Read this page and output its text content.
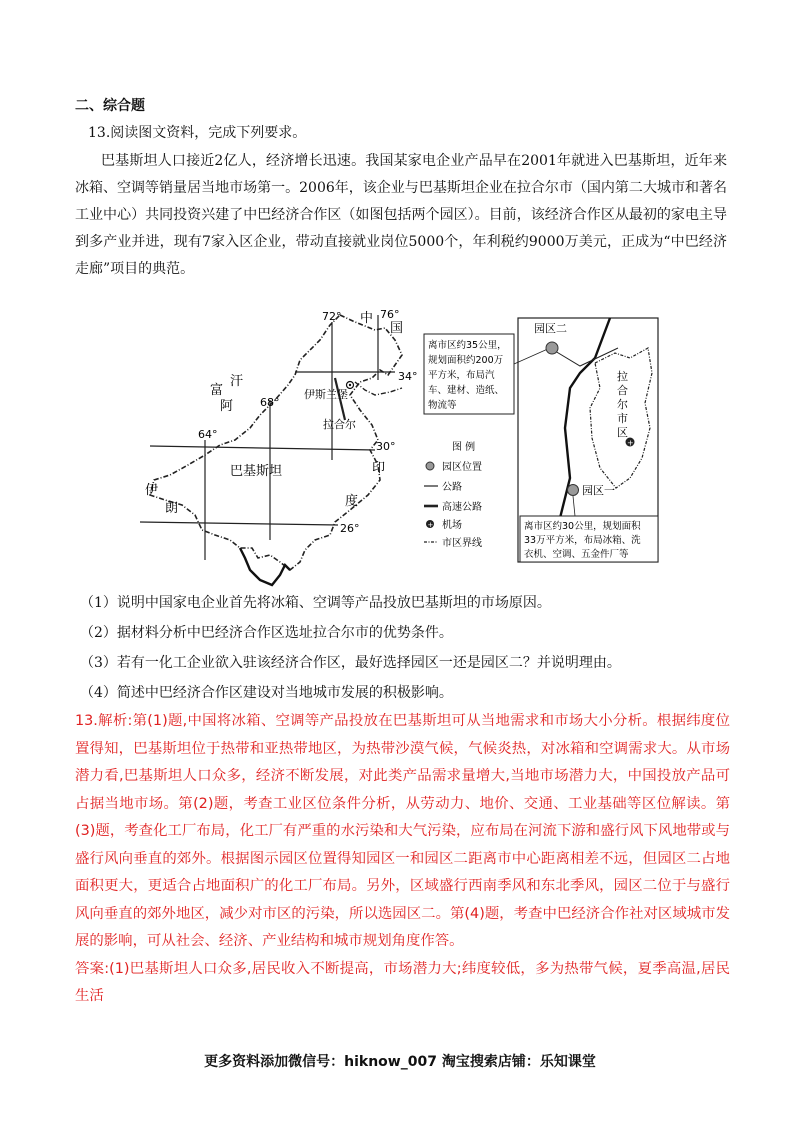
二、综合题
13.阅读图文资料，完成下列要求。

巴基斯坦人口接近2亿人，经济增长迅速。我国某家电企业产品早在2001年就进入巴基斯坦，近年来冰箱、空调等销量居当地市场第一。2006年，该企业与巴基斯坦企业在拉合尔市（国内第二大城市和著名工业中心）共同投资兴建了中巴经济合作区（如图包括两个园区）。目前，该经济合作区从最初的家电主导到多产业并进，现有7家入区企业，带动直接就业岗位5000个，年利税约9000万美元，正成为“中巴经济走廊”项目的典范。

72°	76°
68°
64°
34°
30°
26°
中
国
汗
富
阿
伊斯兰堡
拉合尔
巴基斯坦	印
度
伊
朗
图 例
园区位置
公路
高速公路
+ 机场
市区界线
离市区约35公里，
规划面积约200万
平方米，布局汽
车、建材、造纸、
物流等
拉
合
尔
市
区
+
园区二
园区一
离市区约30公里，规划面积
33万平方米，布局冰箱、洗
衣机、空调、五金件厂等
（1）说明中国家电企业首先将冰箱、空调等产品投放巴基斯坦的市场原因。
（2）据材料分析中巴经济合作区选址拉合尔市的优势条件。
（3）若有一化工企业欲入驻该经济合作区，最好选择园区一还是园区二？并说明理由。
（4）简述中巴经济合作区建设对当地城市发展的积极影响。

13.解析:第(1)题,中国将冰箱、空调等产品投放在巴基斯坦可从当地需求和市场大小分析。根据纬度位置得知，巴基斯坦位于热带和亚热带地区，为热带沙漠气候，气候炎热，对冰箱和空调需求大。从市场潜力看,巴基斯坦人口众多，经济不断发展，对此类产品需求量增大,当地市场潜力大，中国投放产品可占据当地市场。第(2)题，考查工业区位条件分析，从劳动力、地价、交通、工业基础等区位解读。第(3)题，考查化工厂布局，化工厂有严重的水污染和大气污染，应布局在河流下游和盛行风下风地带或与盛行风向垂直的郊外。根据图示园区位置得知园区一和园区二距离市中心距离相差不远，但园区二占地面积更大，更适合占地面积广的化工厂布局。另外，区域盛行西南季风和东北季风，园区二位于与盛行风向垂直的郊外地区，减少对市区的污染，所以选园区二。第(4)题，考查中巴经济合作社对区域城市发展的影响，可从社会、经济、产业结构和城市规划角度作答。

答案:(1)巴基斯坦人口众多,居民收入不断提高，市场潜力大;纬度较低，多为热带气候，夏季高温,居民生活

更多资料添加微信号：hiknow_007 淘宝搜索店铺：乐知课堂
